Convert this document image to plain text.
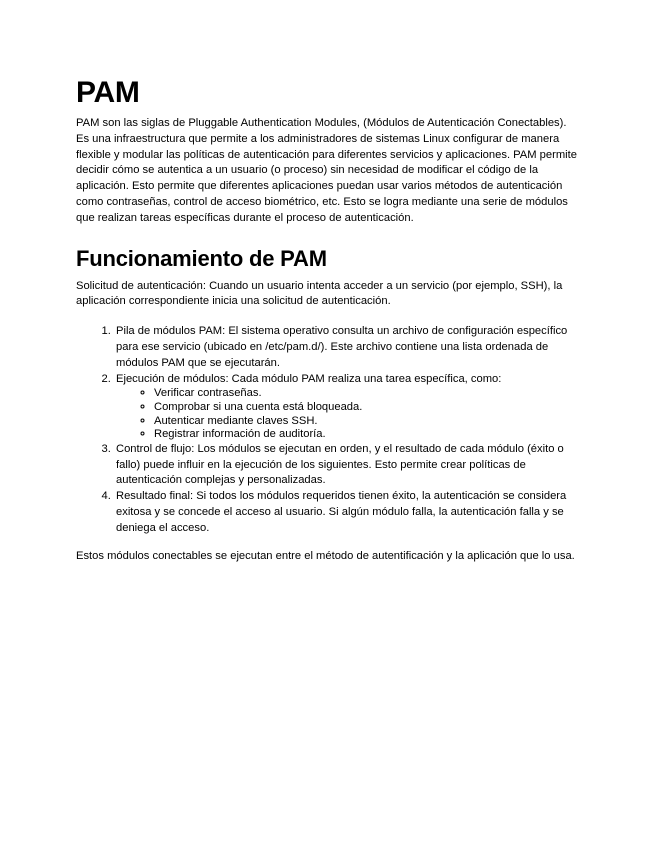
PAM

PAM son las siglas de Pluggable Authentication Modules, (Módulos de Autenticación Conectables). Es una infraestructura que permite a los administradores de sistemas Linux configurar de manera flexible y modular las políticas de autenticación para diferentes servicios y aplicaciones. PAM permite decidir cómo se autentica a un usuario (o proceso) sin necesidad de modificar el código de la aplicación. Esto permite que diferentes aplicaciones puedan usar varios métodos de autenticación como contraseñas, control de acceso biométrico, etc. Esto se logra mediante una serie de módulos que realizan tareas específicas durante el proceso de autenticación.

Funcionamiento de PAM

Solicitud de autenticación: Cuando un usuario intenta acceder a un servicio (por ejemplo, SSH), la aplicación correspondiente inicia una solicitud de autenticación.

1. Pila de módulos PAM: El sistema operativo consulta un archivo de configuración específico para ese servicio (ubicado en /etc/pam.d/). Este archivo contiene una lista ordenada de módulos PAM que se ejecutarán.
2. Ejecución de módulos: Cada módulo PAM realiza una tarea específica, como:
◦ Verificar contraseñas.
◦ Comprobar si una cuenta está bloqueada.
◦ Autenticar mediante claves SSH.
◦ Registrar información de auditoría.
3. Control de flujo: Los módulos se ejecutan en orden, y el resultado de cada módulo (éxito o fallo) puede influir en la ejecución de los siguientes. Esto permite crear políticas de autenticación complejas y personalizadas.
4. Resultado final: Si todos los módulos requeridos tienen éxito, la autenticación se considera exitosa y se concede el acceso al usuario. Si algún módulo falla, la autenticación falla y se deniega el acceso.

Estos módulos conectables se ejecutan entre el método de autentificación y la aplicación que lo usa.
